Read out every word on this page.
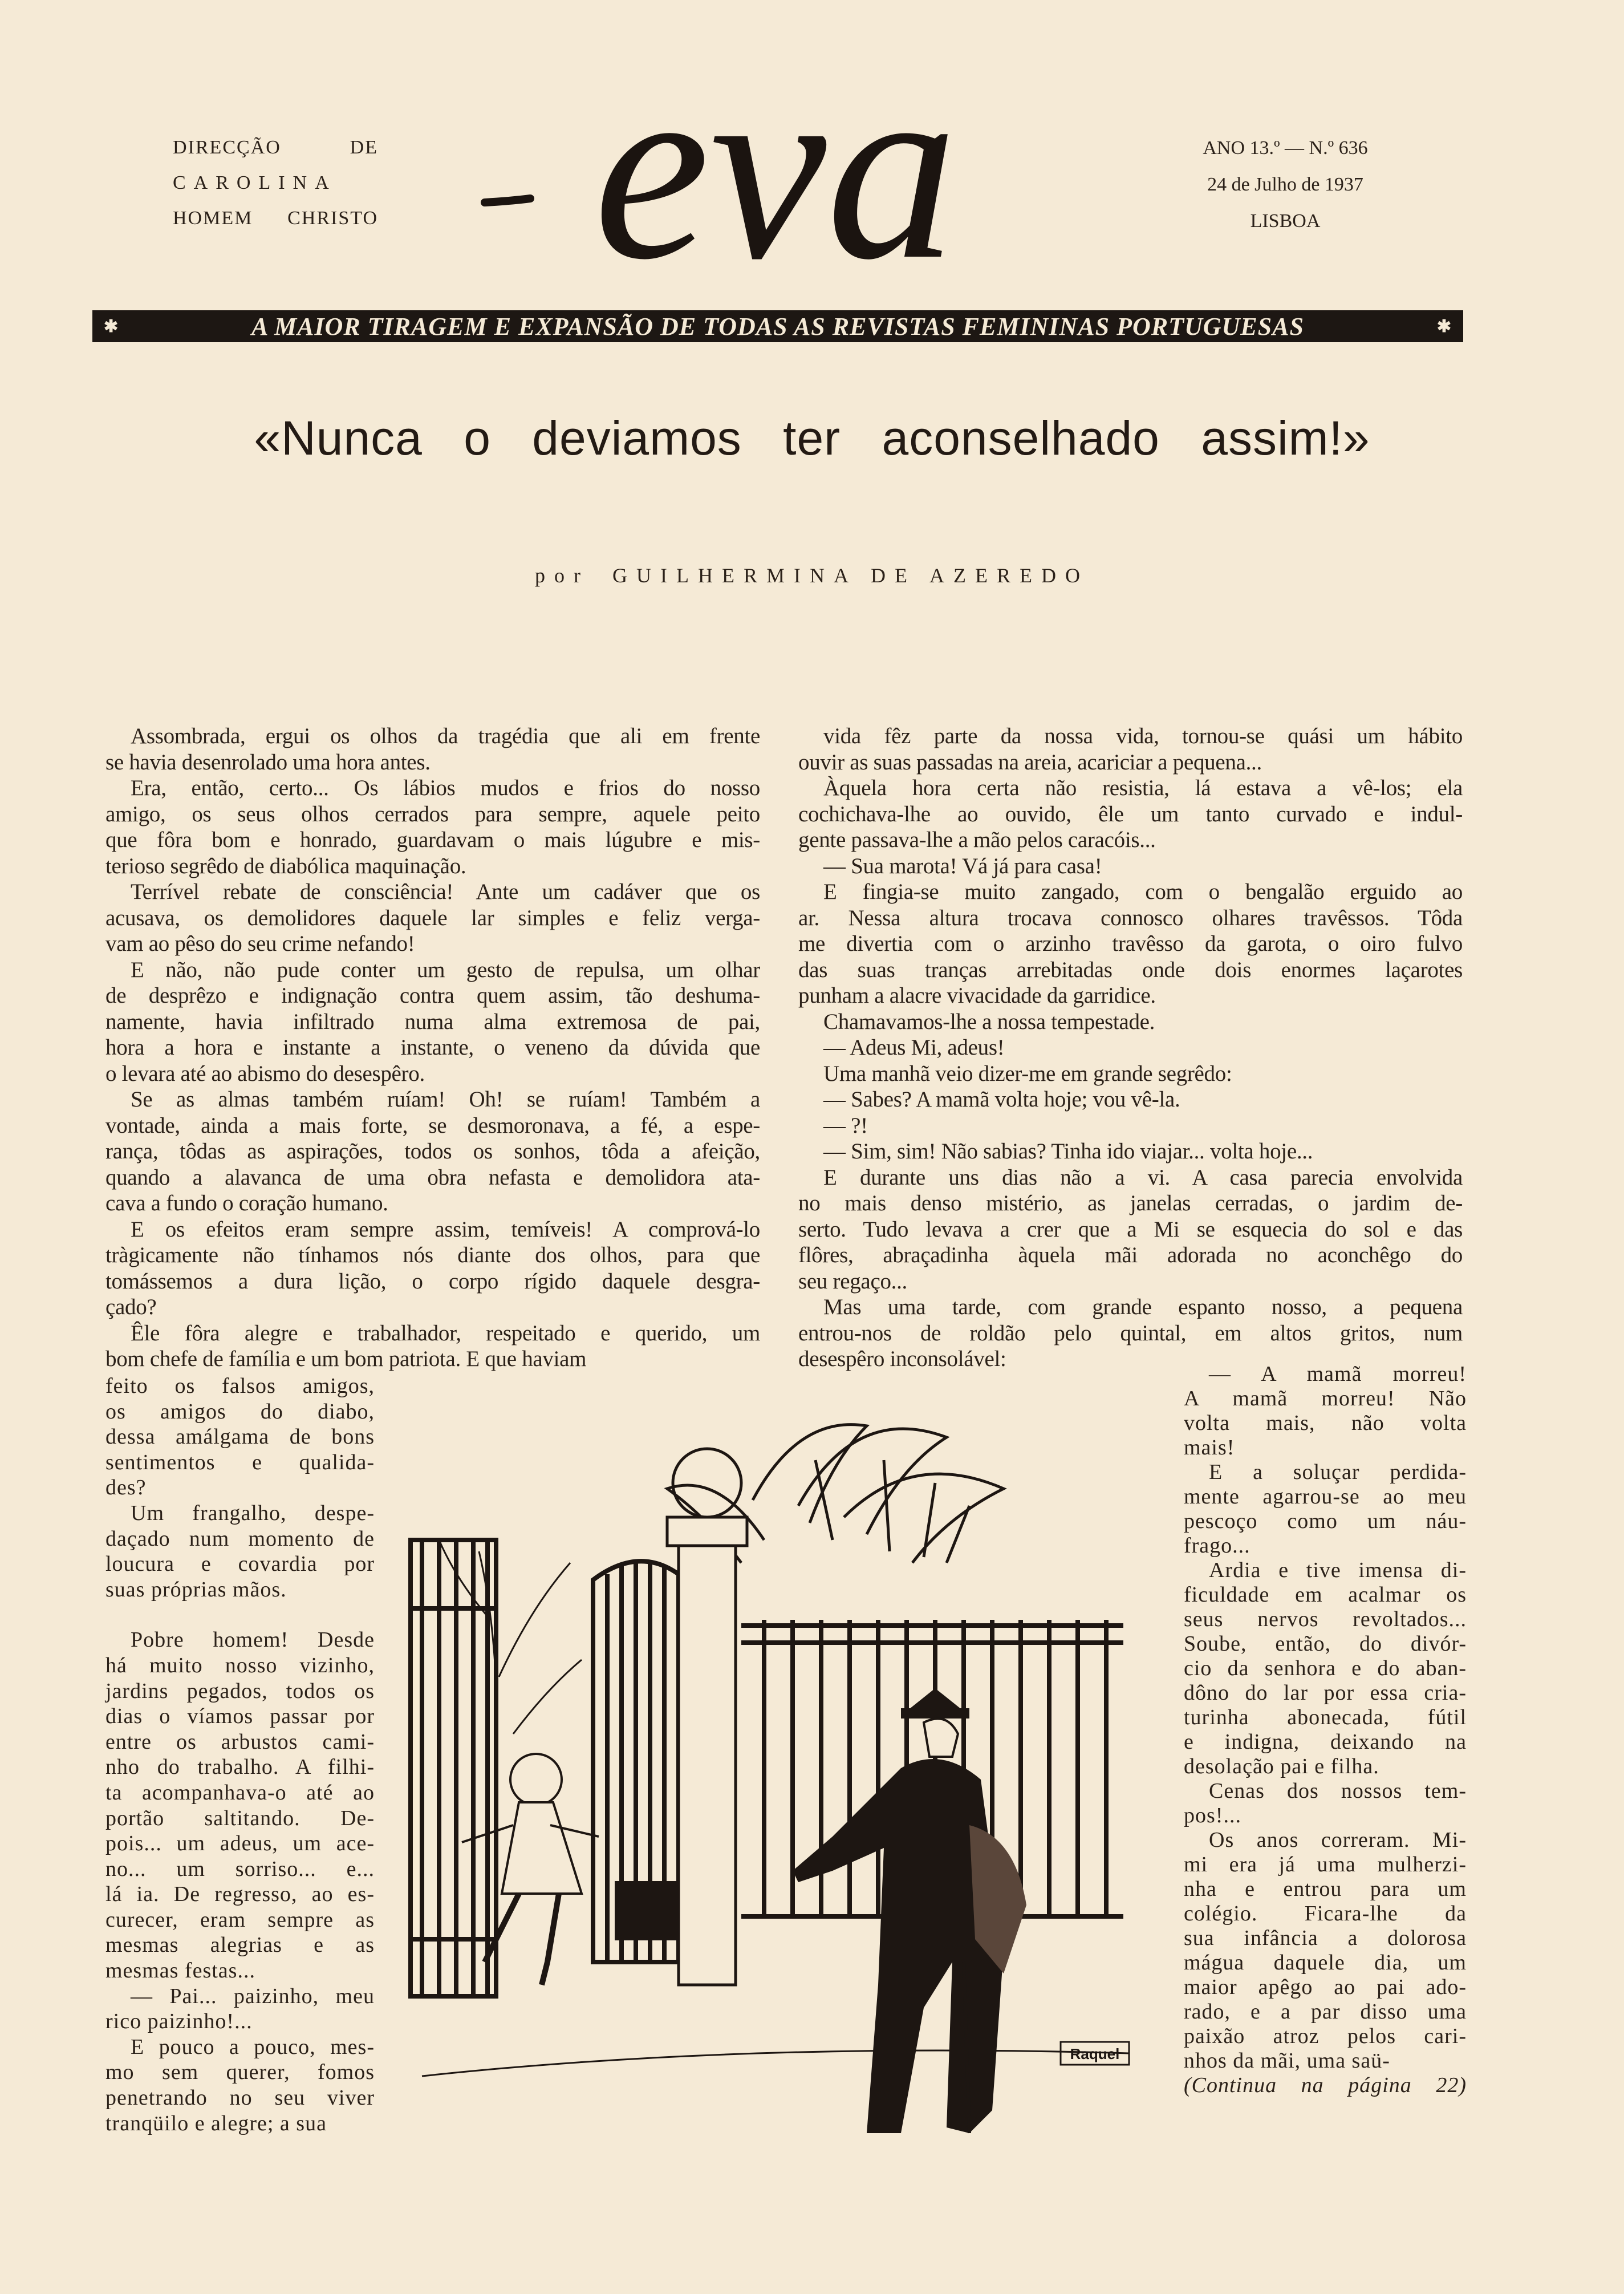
DIRECÇÃO DE
CAROLINA
HOMEM CHRISTO eva	ANO 13.º — N.º 636
24 de Julho de 1937
LISBOA
✱	A MAIOR TIRAGEM E EXPANSÃO DE TODAS AS REVISTAS FEMININAS PORTUGUESAS	✱
«Nunca o deviamos ter aconselhado assim!»
por GUILHERMINA DE AZEREDO
Assombrada, ergui os olhos da tragédia que ali em frente
se havia desenrolado uma hora antes.
Era, então, certo... Os lábios mudos e frios do nosso
amigo, os seus olhos cerrados para sempre, aquele peito
que fôra bom e honrado, guardavam o mais lúgubre e mis-
terioso segrêdo de diabólica maquinação.
Terrível rebate de consciência! Ante um cadáver que os
acusava, os demolidores daquele lar simples e feliz verga-
vam ao pêso do seu crime nefando!
E não, não pude conter um gesto de repulsa, um olhar
de desprêzo e indignação contra quem assim, tão deshuma-
namente, havia infiltrado numa alma extremosa de pai,
hora a hora e instante a instante, o veneno da dúvida que
o levara até ao abismo do desespêro.
Se as almas também ruíam! Oh! se ruíam! Também a
vontade, ainda a mais forte, se desmoronava, a fé, a espe-
rança, tôdas as aspirações, todos os sonhos, tôda a afeição,
quando a alavanca de uma obra nefasta e demolidora ata-
cava a fundo o coração humano.
E os efeitos eram sempre assim, temíveis! A comprová-lo
tràgicamente não tínhamos nós diante dos olhos, para que
tomássemos a dura lição, o corpo rígido daquele desgra-
çado?
Êle fôra alegre e trabalhador, respeitado e querido, um
bom chefe de família e um bom patriota. E que haviam
vida fêz parte da nossa vida, tornou-se quási um hábito
ouvir as suas passadas na areia, acariciar a pequena...
Àquela hora certa não resistia, lá estava a vê-los; ela
cochichava-lhe ao ouvido, êle um tanto curvado e indul-
gente passava-lhe a mão pelos caracóis...
— Sua marota! Vá já para casa!
E fingia-se muito zangado, com o bengalão erguido ao
ar. Nessa altura trocava connosco olhares travêssos. Tôda
me divertia com o arzinho travêsso da garota, o oiro fulvo
das suas tranças arrebitadas onde dois enormes laçarotes
punham a alacre vivacidade da garridice.
Chamavamos-lhe a nossa tempestade.
— Adeus Mi, adeus!
Uma manhã veio dizer-me em grande segrêdo:
— Sabes? A mamã volta hoje; vou vê-la.
— ?!
— Sim, sim! Não sabias? Tinha ido viajar... volta hoje...
E durante uns dias não a vi. A casa parecia envolvida
no mais denso mistério, as janelas cerradas, o jardim de-
serto. Tudo levava a crer que a Mi se esquecia do sol e das
flôres, abraçadinha àquela mãi adorada no aconchêgo do
seu regaço...
Mas uma tarde, com grande espanto nosso, a pequena
entrou-nos de roldão pelo quintal, em altos gritos, num
desespêro inconsolável:
feito os falsos amigos,
os amigos do diabo,
dessa amálgama de bons
sentimentos e qualida-
des?
Um frangalho, despe-
daçado num momento de
loucura e covardia por
suas próprias mãos.
Pobre homem! Desde
há muito nosso vizinho,
jardins pegados, todos os
dias o víamos passar por
entre os arbustos cami-
nho do trabalho. A filhi-
ta acompanhava-o até ao
portão saltitando. De-
pois... um adeus, um ace-
no... um sorriso... e...
lá ia. De regresso, ao es-
curecer, eram sempre as
mesmas alegrias e as
mesmas festas...
— Pai... paizinho, meu
rico paizinho!...
E pouco a pouco, mes-
mo sem querer, fomos
penetrando no seu viver
tranqüilo e alegre; a sua
— A mamã morreu!
A mamã morreu! Não
volta mais, não volta
mais!
E a soluçar perdida-
mente agarrou-se ao meu
pescoço como um náu-
frago...
Ardia e tive imensa di-
ficuldade em acalmar os
seus nervos revoltados...
Soube, então, do divór-
cio da senhora e do aban-
dôno do lar por essa cria-
turinha abonecada, fútil
e indigna, deixando na
desolação pai e filha.
Cenas dos nossos tem-
pos!...
Os anos correram. Mi-
mi era já uma mulherzi-
nha e entrou para um
colégio. Ficara-lhe da
sua infância a dolorosa
mágua daquele dia, um
maior apêgo ao pai ado-
rado, e a par disso uma
paixão atroz pelos cari-
nhos da mãi, uma saü-
(Continua na página 22)
Raquel
